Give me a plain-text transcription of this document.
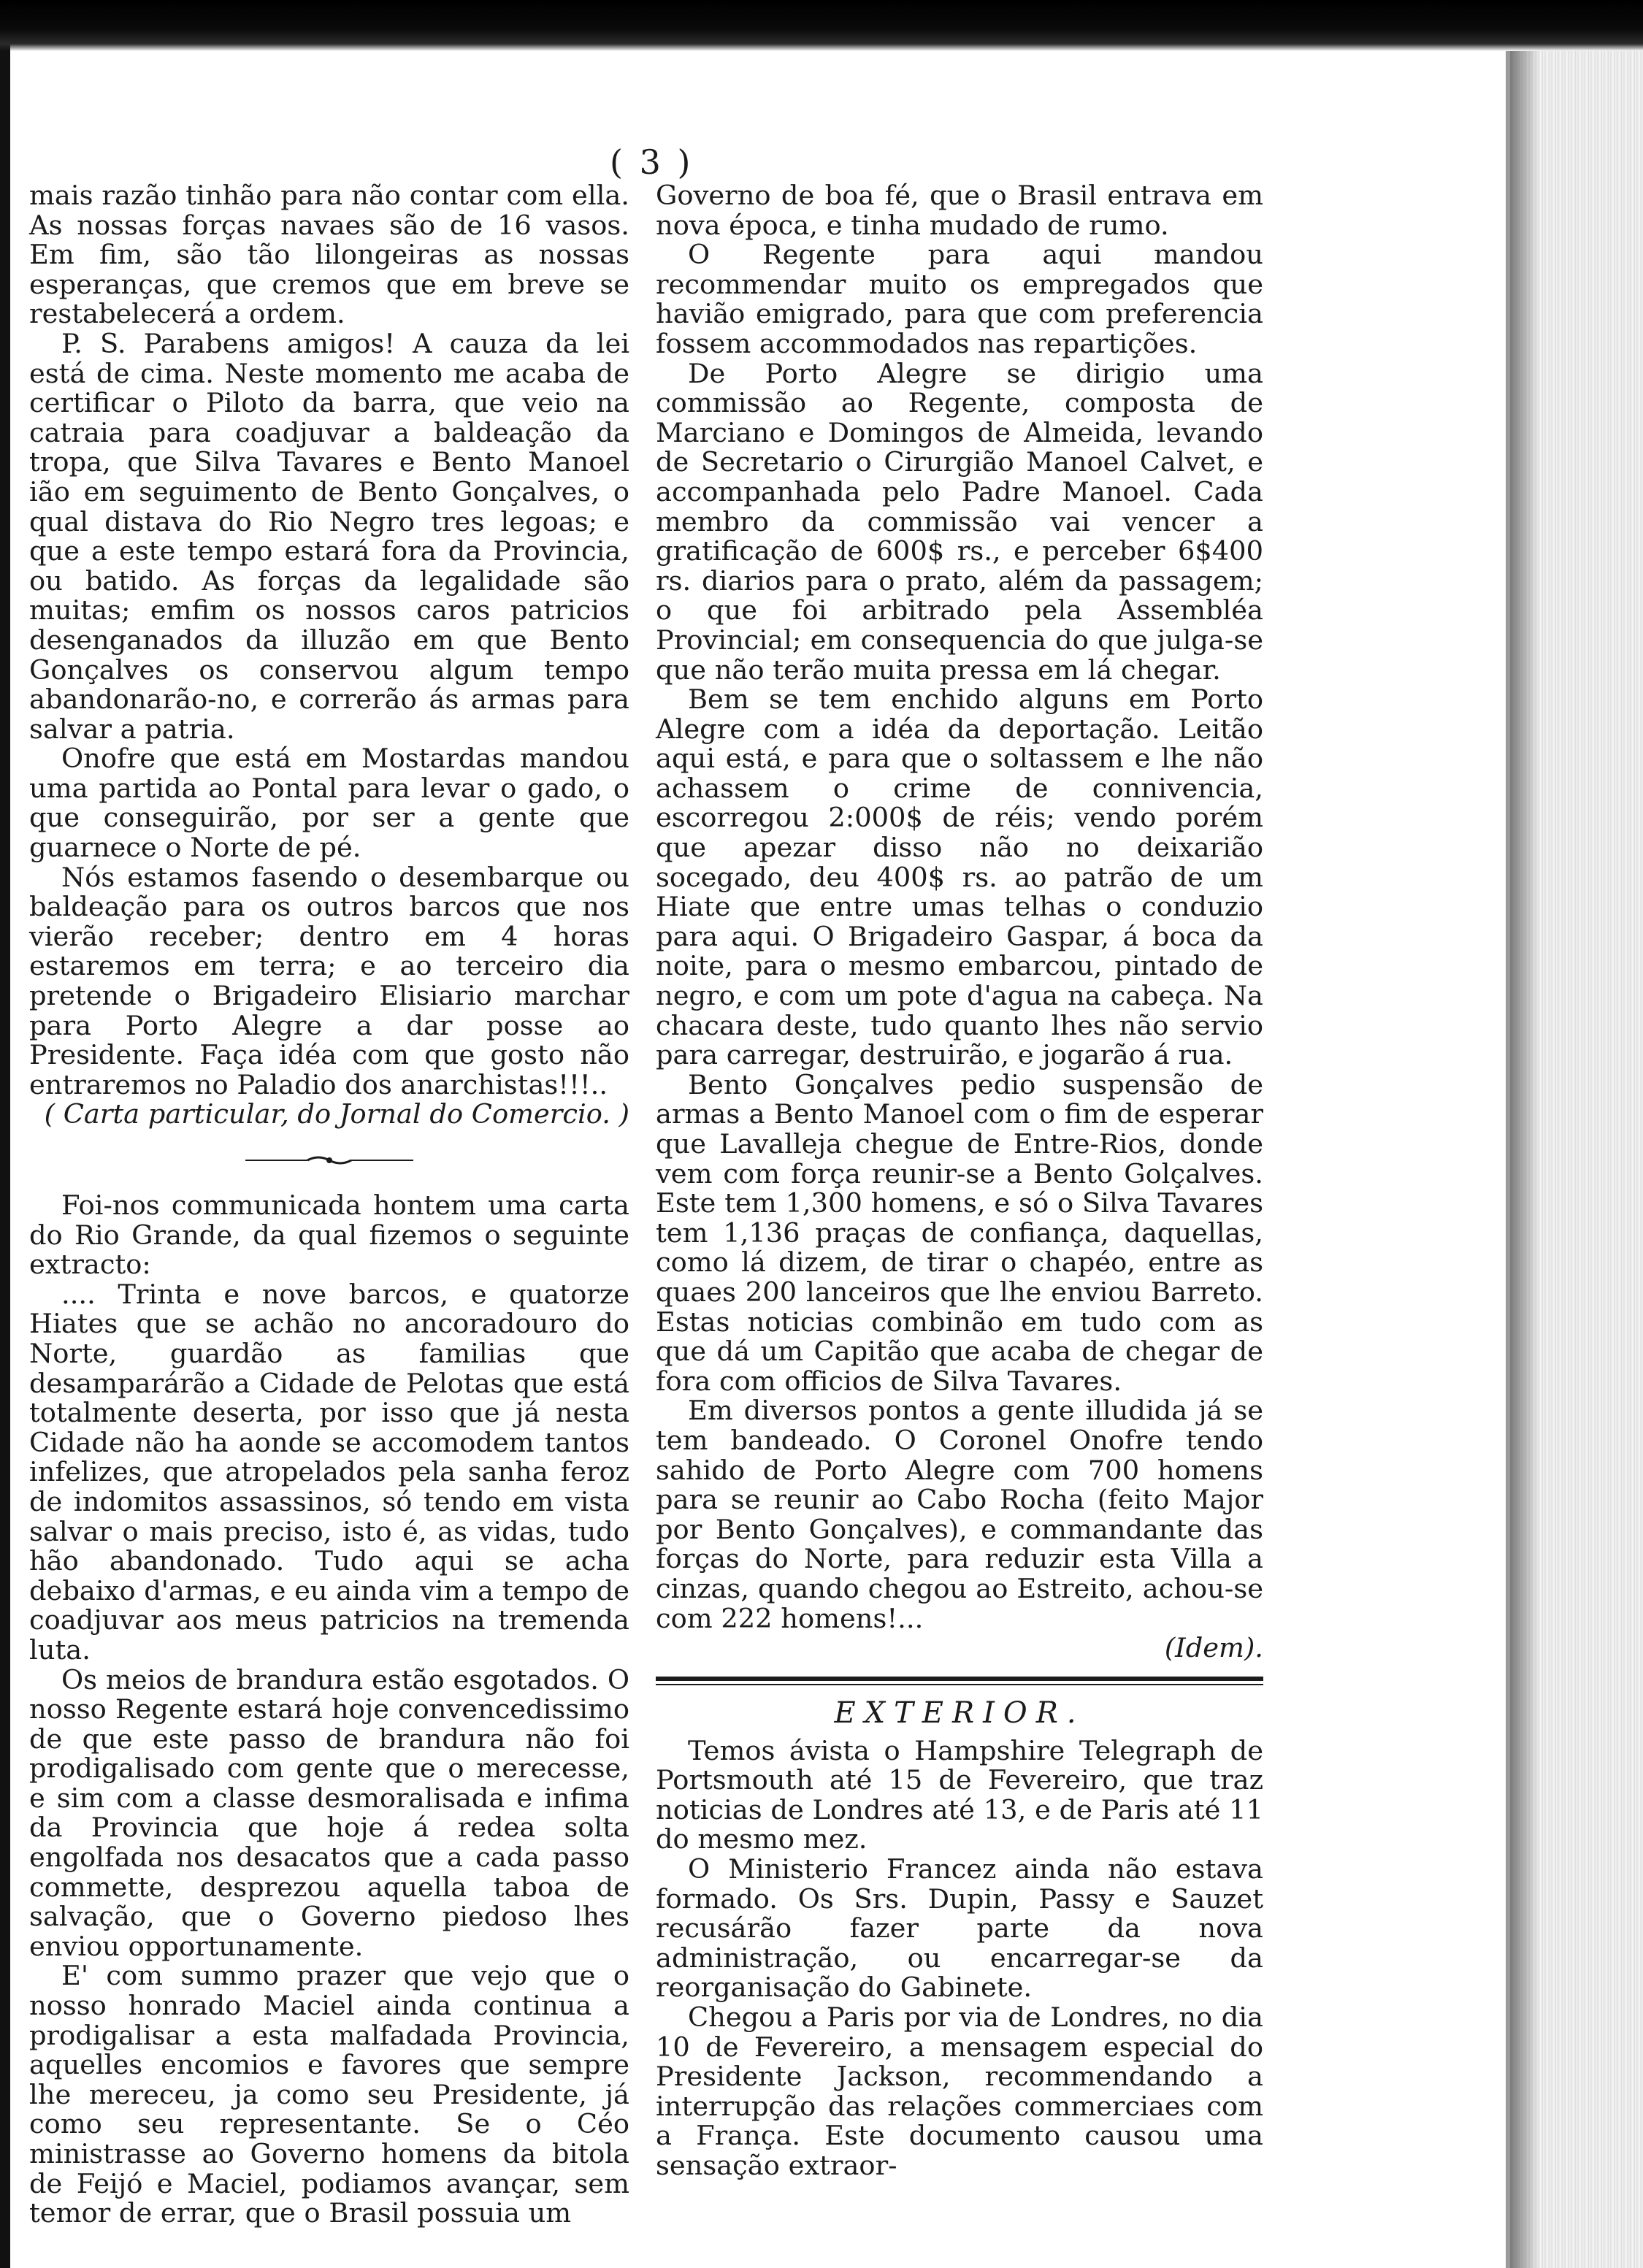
( 3 )

mais razão tinhão para não contar com ella. As nossas forças navaes são de 16 vasos. Em fim, são tão lilongeiras as nossas esperanças, que cremos que em breve se restabelecerá a ordem.

P. S. Parabens amigos! A cauza da lei está de cima. Neste momento me acaba de certificar o Piloto da barra, que veio na catraia para coadjuvar a baldeação da tropa, que Silva Tavares e Bento Manoel ião em seguimento de Bento Gonçalves, o qual distava do Rio Negro tres legoas; e que a este tempo estará fora da Provincia, ou batido. As forças da legalidade são muitas; emfim os nossos caros patricios desenganados da illuzão em que Bento Gonçalves os conservou algum tempo abandonarão-no, e correrão ás armas para salvar a patria.

Onofre que está em Mostardas mandou uma partida ao Pontal para levar o gado, o que conseguirão, por ser a gente que guarnece o Norte de pé.

Nós estamos fasendo o desembarque ou baldeação para os outros barcos que nos vierão receber; dentro em 4 horas estaremos em terra; e ao terceiro dia pretende o Brigadeiro Elisiario marchar para Porto Alegre a dar posse ao Presidente. Faça idéa com que gosto não entraremos no Paladio dos anarchistas!!!..

( Carta particular, do Jornal do Comercio. )

Foi-nos communicada hontem uma carta do Rio Grande, da qual fizemos o seguinte extracto:

.... Trinta e nove barcos, e quatorze Hiates que se achão no ancoradouro do Norte, guardão as familias que desamparárão a Cidade de Pelotas que está totalmente deserta, por isso que já nesta Cidade não ha aonde se accomodem tantos infelizes, que atropelados pela sanha feroz de indomitos assassinos, só tendo em vista salvar o mais preciso, isto é, as vidas, tudo hão abandonado. Tudo aqui se acha debaixo d'armas, e eu ainda vim a tempo de coadjuvar aos meus patricios na tremenda luta.

Os meios de brandura estão esgotados. O nosso Regente estará hoje convencedissimo de que este passo de brandura não foi prodigalisado com gente que o merecesse, e sim com a classe desmoralisada e infima da Provincia que hoje á redea solta engolfada nos desacatos que a cada passo commette, desprezou aquella taboa de salvação, que o Governo piedoso lhes enviou opportunamente.

E' com summo prazer que vejo que o nosso honrado Maciel ainda continua a prodigalisar a esta malfadada Provincia, aquelles encomios e favores que sempre lhe mereceu, ja como seu Presidente, já como seu representante. Se o Céo ministrasse ao Governo homens da bitola de Feijó e Maciel, podiamos avançar, sem temor de errar, que o Brasil possuia um

Governo de boa fé, que o Brasil entrava em nova época, e tinha mudado de rumo.

O Regente para aqui mandou recommendar muito os empregados que havião emigrado, para que com preferencia fossem accommodados nas repartições.

De Porto Alegre se dirigio uma commissão ao Regente, composta de Marciano e Domingos de Almeida, levando de Secretario o Cirurgião Manoel Calvet, e accompanhada pelo Padre Manoel. Cada membro da commissão vai vencer a gratificação de 600$ rs., e perceber 6$400 rs. diarios para o prato, além da passagem; o que foi arbitrado pela Assembléa Provincial; em consequencia do que julga-se que não terão muita pressa em lá chegar.

Bem se tem enchido alguns em Porto Alegre com a idéa da deportação. Leitão aqui está, e para que o soltassem e lhe não achassem o crime de connivencia, escorregou 2:000$ de réis; vendo porém que apezar disso não no deixarião socegado, deu 400$ rs. ao patrão de um Hiate que entre umas telhas o conduzio para aqui. O Brigadeiro Gaspar, á boca da noite, para o mesmo embarcou, pintado de negro, e com um pote d'agua na cabeça. Na chacara deste, tudo quanto lhes não servio para carregar, destruirão, e jogarão á rua.

Bento Gonçalves pedio suspensão de armas a Bento Manoel com o fim de esperar que Lavalleja chegue de Entre-Rios, donde vem com força reunir-se a Bento Golçalves. Este tem 1,300 homens, e só o Silva Tavares tem 1,136 praças de confiança, daquellas, como lá dizem, de tirar o chapéo, entre as quaes 200 lanceiros que lhe enviou Barreto. Estas noticias combinão em tudo com as que dá um Capitão que acaba de chegar de fora com officios de Silva Tavares.

Em diversos pontos a gente illudida já se tem bandeado. O Coronel Onofre tendo sahido de Porto Alegre com 700 homens para se reunir ao Cabo Rocha (feito Major por Bento Gonçalves), e commandante das forças do Norte, para reduzir esta Villa a cinzas, quando chegou ao Estreito, achou-se com 222 homens!...

(Idem).

EXTERIOR.

Temos ávista o Hampshire Telegraph de Portsmouth até 15 de Fevereiro, que traz noticias de Londres até 13, e de Paris até 11 do mesmo mez.

O Ministerio Francez ainda não estava formado. Os Srs. Dupin, Passy e Sauzet recusárão fazer parte da nova administração, ou encarregar-se da reorganisação do Gabinete.

Chegou a Paris por via de Londres, no dia 10 de Fevereiro, a mensagem especial do Presidente Jackson, recommendando a interrupção das relações commerciaes com a França. Este documento causou uma sensação extraor-
